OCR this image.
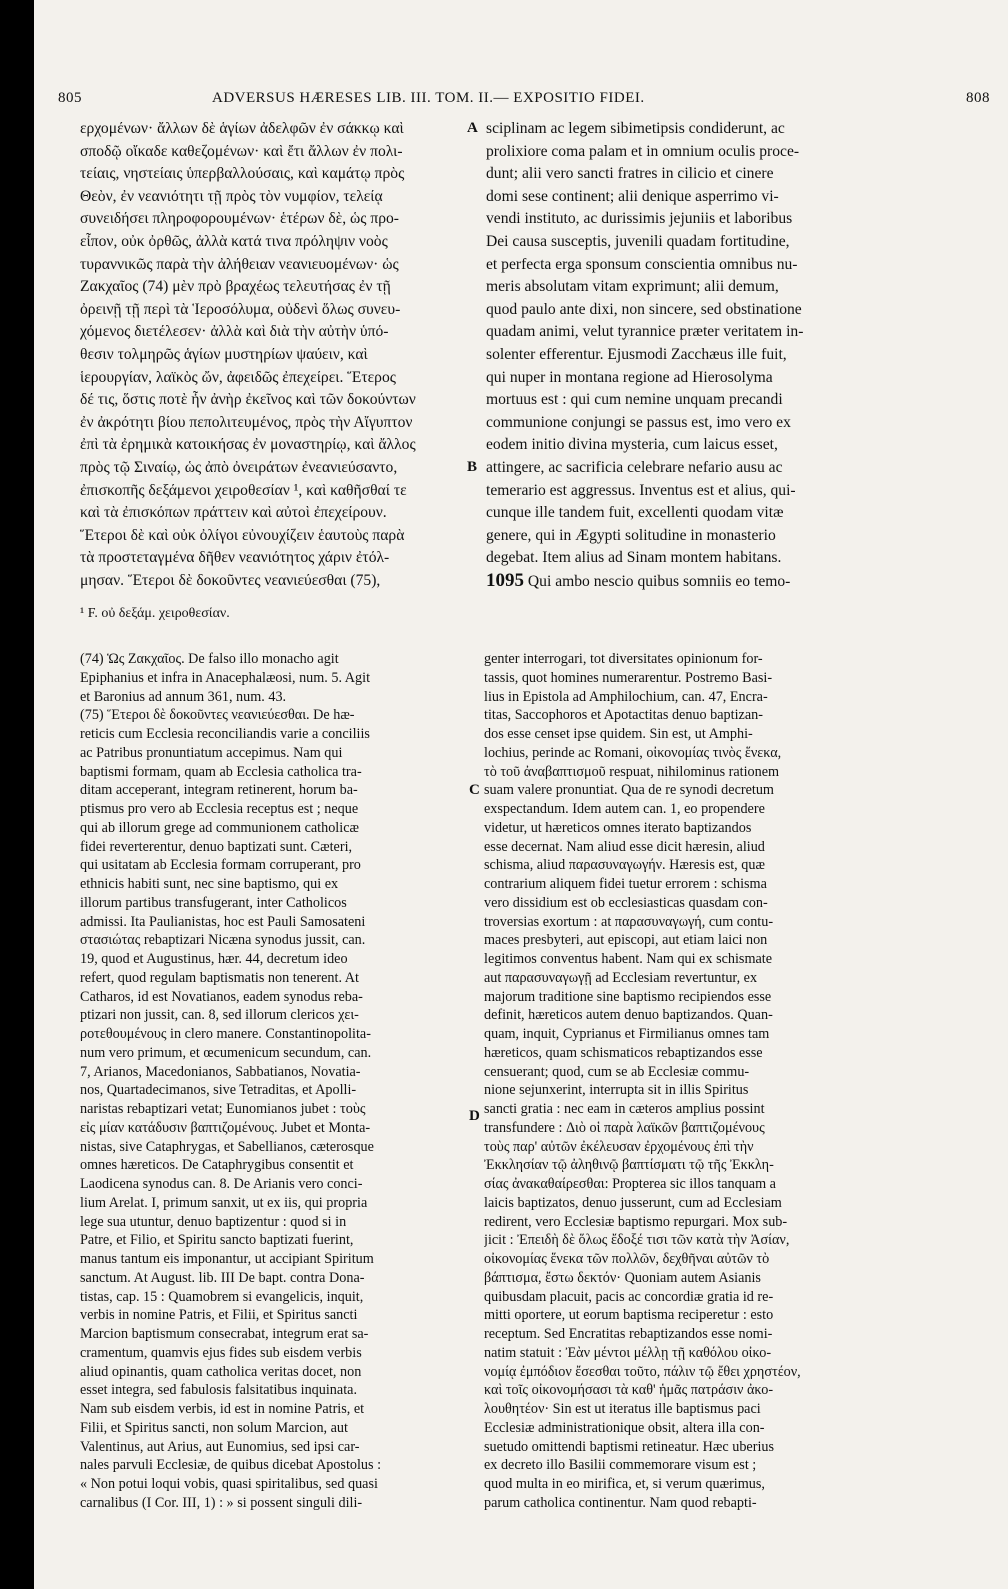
805	ADVERSUS HÆRESES LIB. III. TOM. II.— EXPOSITIO FIDEI.	808
ερχομένων· ἄλλων δὲ ἁγίων ἀδελφῶν ἐν σάκκῳ καὶ
σποδῷ οἴκαδε καθεζομένων· καὶ ἔτι ἄλλων ἐν πολι-
τείαις, νηστείαις ὑπερβαλλούσαις, καὶ καμάτῳ πρὸς
Θεὸν, ἐν νεανιότητι τῇ πρὸς τὸν νυμφίον, τελείᾳ
συνειδήσει πληροφορουμένων· ἑτέρων δὲ, ὡς προ-
εἶπον, οὐκ ὀρθῶς, ἀλλὰ κατά τινα πρόληψιν νοὸς
τυραννικῶς παρὰ τὴν ἀλήθειαν νεανιευομένων· ὡς
Ζακχαῖος (74) μὲν πρὸ βραχέως τελευτήσας ἐν τῇ
ὀρεινῇ τῇ περὶ τὰ Ἱεροσόλυμα, οὐδενὶ ὅλως συνευ-
χόμενος διετέλεσεν· ἀλλὰ καὶ διὰ τὴν αὐτὴν ὑπό-
θεσιν τολμηρῶς ἁγίων μυστηρίων ψαύειν, καὶ
ἱερουργίαν, λαϊκὸς ὤν, ἀφειδῶς ἐπεχείρει. Ἕτερος
δέ τις, ὅστις ποτὲ ἦν ἀνὴρ ἐκεῖνος καὶ τῶν δοκούντων
ἐν ἀκρότητι βίου πεπολιτευμένος, πρὸς τὴν Αἴγυπτον
ἐπὶ τὰ ἐρημικὰ κατοικήσας ἐν μοναστηρίῳ, καὶ ἄλλος
πρὸς τῷ Σιναίῳ, ὡς ἀπὸ ὀνειράτων ἐνεανιεύσαντο,
ἐπισκοπῆς δεξάμενοι χειροθεσίαν ¹, καὶ καθῆσθαί τε
καὶ τὰ ἐπισκόπων πράττειν καὶ αὐτοὶ ἐπεχείρουν.
Ἕτεροι δὲ καὶ οὐκ ὀλίγοι εὐνουχίζειν ἑαυτοὺς παρὰ
τὰ προστεταγμένα δῆθεν νεανιότητος χάριν ἐτόλ-
μησαν. Ἕτεροι δὲ δοκοῦντες νεανιεύεσθαι (75),
sciplinam ac legem sibimetipsis condiderunt, ac
prolixiore coma palam et in omnium oculis proce-
dunt; alii vero sancti fratres in cilicio et cinere
domi sese continent; alii denique asperrimo vi-
vendi instituto, ac durissimis jejuniis et laboribus
Dei causa susceptis, juvenili quadam fortitudine,
et perfecta erga sponsum conscientia omnibus nu-
meris absolutam vitam exprimunt; alii demum,
quod paulo ante dixi, non sincere, sed obstinatione
quadam animi, velut tyrannice præter veritatem in-
solenter efferentur. Ejusmodi Zacchæus ille fuit,
qui nuper in montana regione ad Hierosolyma
mortuus est : qui cum nemine unquam precandi
communione conjungi se passus est, imo vero ex
eodem initio divina mysteria, cum laicus esset,
attingere, ac sacrificia celebrare nefario ausu ac
temerario est aggressus. Inventus est et alius, qui-
cunque ille tandem fuit, excellenti quodam vitæ
genere, qui in Ægypti solitudine in monasterio
degebat. Item alius ad Sinam montem habitans.
1095 Qui ambo nescio quibus somniis eo temo-
A
B
C
D
¹ F. οὐ δεξάμ. χειροθεσίαν.
(74) Ὡς Ζακχαῖος. De falso illo monacho agit
Epiphanius et infra in Anacephalæosi, num. 5. Agit
et Baronius ad annum 361, num. 43.
(75) Ἕτεροι δὲ δοκοῦντες νεανιεύεσθαι. De hæ-
reticis cum Ecclesia reconciliandis varie a conciliis
ac Patribus pronuntiatum accepimus. Nam qui
baptismi formam, quam ab Ecclesia catholica tra-
ditam acceperant, integram retinerent, horum ba-
ptismus pro vero ab Ecclesia receptus est ; neque
qui ab illorum grege ad communionem catholicæ
fidei reverterentur, denuo baptizati sunt. Cæteri,
qui usitatam ab Ecclesia formam corruperant, pro
ethnicis habiti sunt, nec sine baptismo, qui ex
illorum partibus transfugerant, inter Catholicos
admissi. Ita Paulianistas, hoc est Pauli Samosateni
στασιώτας rebaptizari Nicæna synodus jussit, can.
19, quod et Augustinus, hær. 44, decretum ideo
refert, quod regulam baptismatis non tenerent. At
Catharos, id est Novatianos, eadem synodus reba-
ptizari non jussit, can. 8, sed illorum clericos χει-
ροτεθουμένους in clero manere. Constantinopolita-
num vero primum, et œcumenicum secundum, can.
7, Arianos, Macedonianos, Sabbatianos, Novatia-
nos, Quartadecimanos, sive Tetraditas, et Apolli-
naristas rebaptizari vetat; Eunomianos jubet : τοὺς
εἰς μίαν κατάδυσιν βαπτιζομένους. Jubet et Monta-
nistas, sive Cataphrygas, et Sabellianos, cæterosque
omnes hæreticos. De Cataphrygibus consentit et
Laodicena synodus can. 8. De Arianis vero conci-
lium Arelat. I, primum sanxit, ut ex iis, qui propria
lege sua utuntur, denuo baptizentur : quod si in
Patre, et Filio, et Spiritu sancto baptizati fuerint,
manus tantum eis imponantur, ut accipiant Spiritum
sanctum. At August. lib. III De bapt. contra Dona-
tistas, cap. 15 : Quamobrem si evangelicis, inquit,
verbis in nomine Patris, et Filii, et Spiritus sancti
Marcion baptismum consecrabat, integrum erat sa-
cramentum, quamvis ejus fides sub eisdem verbis
aliud opinantis, quam catholica veritas docet, non
esset integra, sed fabulosis falsitatibus inquinata.
Nam sub eisdem verbis, id est in nomine Patris, et
Filii, et Spiritus sancti, non solum Marcion, aut
Valentinus, aut Arius, aut Eunomius, sed ipsi car-
nales parvuli Ecclesiæ, de quibus dicebat Apostolus :
« Non potui loqui vobis, quasi spiritalibus, sed quasi
carnalibus (I Cor. III, 1) : » si possent singuli dili-
genter interrogari, tot diversitates opinionum for-
tassis, quot homines numerarentur. Postremo Basi-
lius in Epistola ad Amphilochium, can. 47, Encra-
titas, Saccophoros et Apotactitas denuo baptizan-
dos esse censet ipse quidem. Sin est, ut Amphi-
lochius, perinde ac Romani, οἰκονομίας τινὸς ἕνεκα,
τὸ τοῦ ἀναβαπτισμοῦ respuat, nihilominus rationem
suam valere pronuntiat. Qua de re synodi decretum
exspectandum. Idem autem can. 1, eo propendere
videtur, ut hæreticos omnes iterato baptizandos
esse decernat. Nam aliud esse dicit hæresin, aliud
schisma, aliud παρασυναγωγήν. Hæresis est, quæ
contrarium aliquem fidei tuetur errorem : schisma
vero dissidium est ob ecclesiasticas quasdam con-
troversias exortum : at παρασυναγωγή, cum contu-
maces presbyteri, aut episcopi, aut etiam laici non
legitimos conventus habent. Nam qui ex schismate
aut παρασυναγωγῇ ad Ecclesiam revertuntur, ex
majorum traditione sine baptismo recipiendos esse
definit, hæreticos autem denuo baptizandos. Quan-
quam, inquit, Cyprianus et Firmilianus omnes tam
hæreticos, quam schismaticos rebaptizandos esse
censuerant; quod, cum se ab Ecclesiæ commu-
nione sejunxerint, interrupta sit in illis Spiritus
sancti gratia : nec eam in cæteros amplius possint
transfundere : Διὸ οἱ παρὰ λαϊκῶν βαπτιζομένους
τοὺς παρ' αὐτῶν ἐκέλευσαν ἐρχομένους ἐπὶ τὴν
Ἐκκλησίαν τῷ ἀληθινῷ βαπτίσματι τῷ τῆς Ἐκκλη-
σίας ἀνακαθαίρεσθαι: Propterea sic illos tanquam a
laicis baptizatos, denuo jusserunt, cum ad Ecclesiam
redirent, vero Ecclesiæ baptismo repurgari. Mox sub-
jicit : Ἐπειδὴ δὲ ὅλως ἔδοξέ τισι τῶν κατὰ τὴν Ἀσίαν,
οἰκονομίας ἕνεκα τῶν πολλῶν, δεχθῆναι αὐτῶν τὸ
βάπτισμα, ἔστω δεκτόν· Quoniam autem Asianis
quibusdam placuit, pacis ac concordiæ gratia id re-
mitti oportere, ut eorum baptisma reciperetur : esto
receptum. Sed Encratitas rebaptizandos esse nomi-
natim statuit : Ἐὰν μέντοι μέλλῃ τῇ καθόλου οἰκο-
νομίᾳ ἐμπόδιον ἔσεσθαι τοῦτο, πάλιν τῷ ἔθει χρηστέον,
καὶ τοῖς οἰκονομήσασι τὰ καθ' ἡμᾶς πατράσιν ἀκο-
λουθητέον· Sin est ut iteratus ille baptismus paci
Ecclesiæ administrationique obsit, altera illa con-
suetudo omittendi baptismi retineatur. Hæc uberius
ex decreto illo Basilii commemorare visum est ;
quod multa in eo mirifica, et, si verum quærimus,
parum catholica continentur. Nam quod rebapti-
